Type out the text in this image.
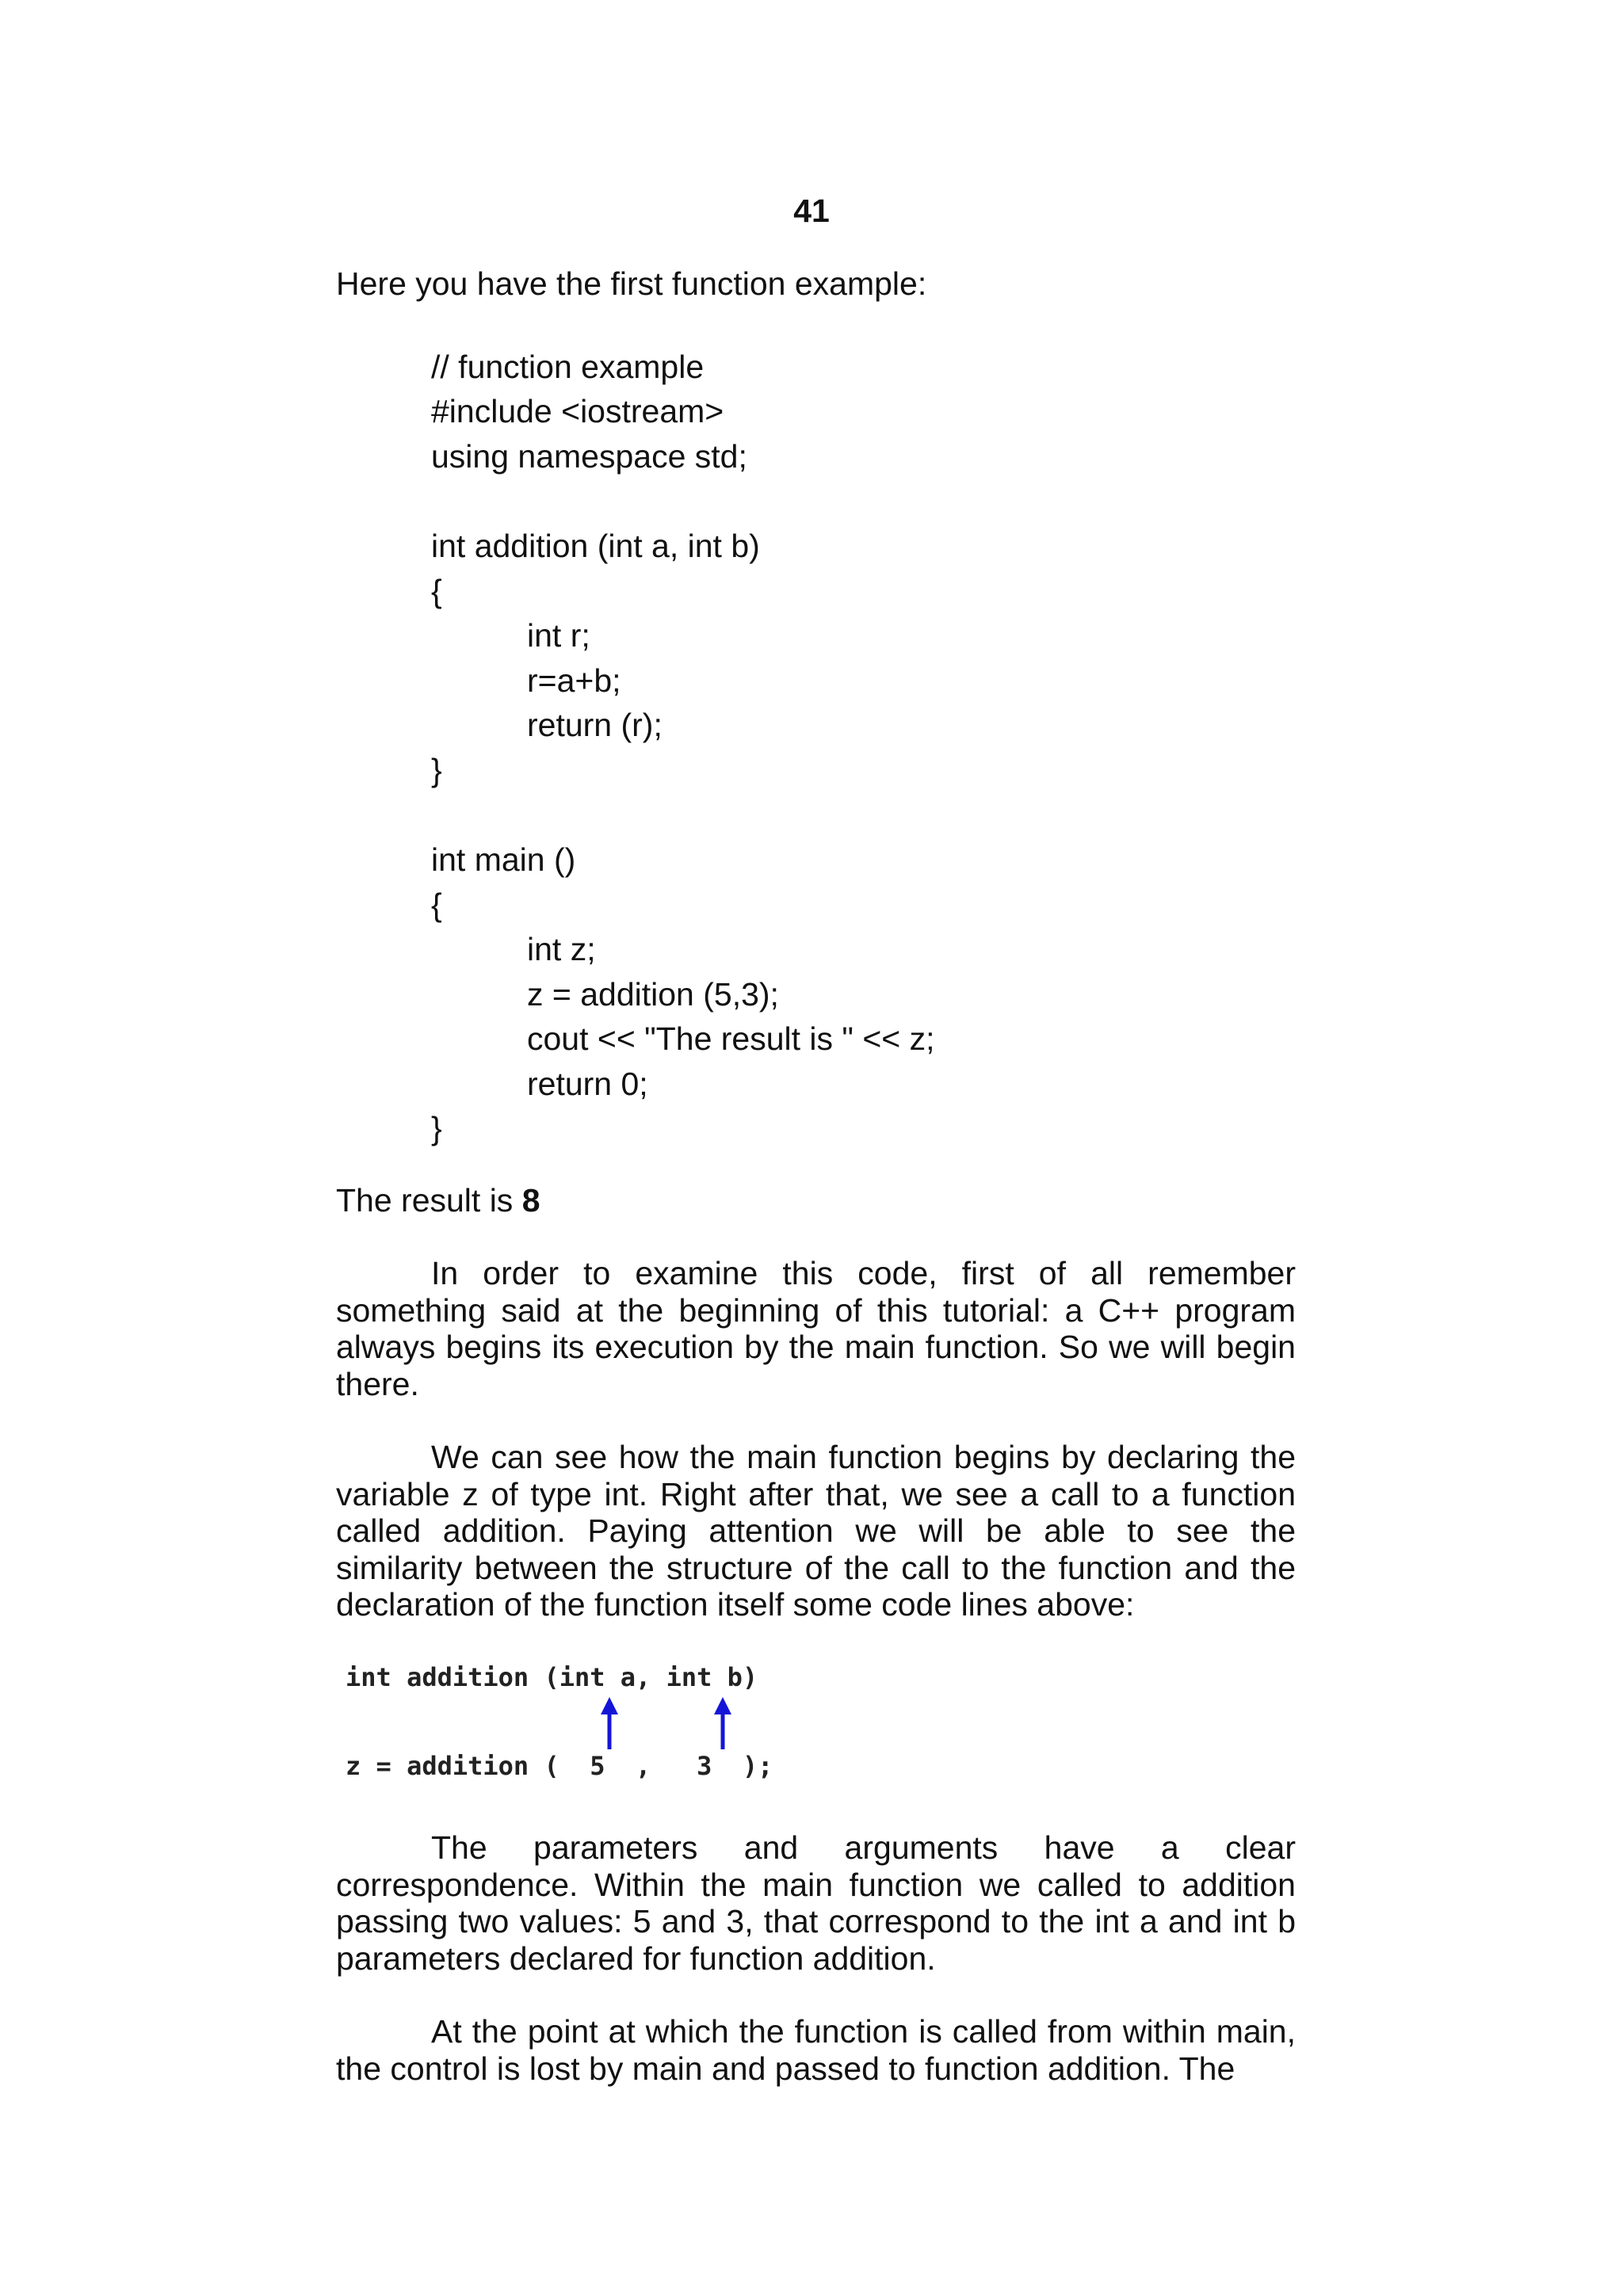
41
Here you have the first function example:
// function example
#include <iostream>
using namespace std;
int addition (int a, int b)
{
int r;
r=a+b;
return (r);
}
int main ()
{
int z;
z = addition (5,3);
cout << "The result is " << z;
return 0;
}
The result is 8

In order to examine this code, first of all remember something said at the beginning of this tutorial: a C++ program always begins its execution by the main function. So we will begin there.

We can see how the main function begins by declaring the variable z of type int. Right after that, we see a call to a function called addition. Paying attention we will be able to see the similarity between the structure of the call to the function and the declaration of the function itself some code lines above:

int addition (int a, int b)
z = addition (  5  ,   3  );

The parameters and arguments have a clear correspondence. Within the main function we called to addition passing two values: 5 and 3, that correspond to the int a and int b parameters declared for function addition.

At the point at which the function is called from within main, the control is lost by main and passed to function addition. The
